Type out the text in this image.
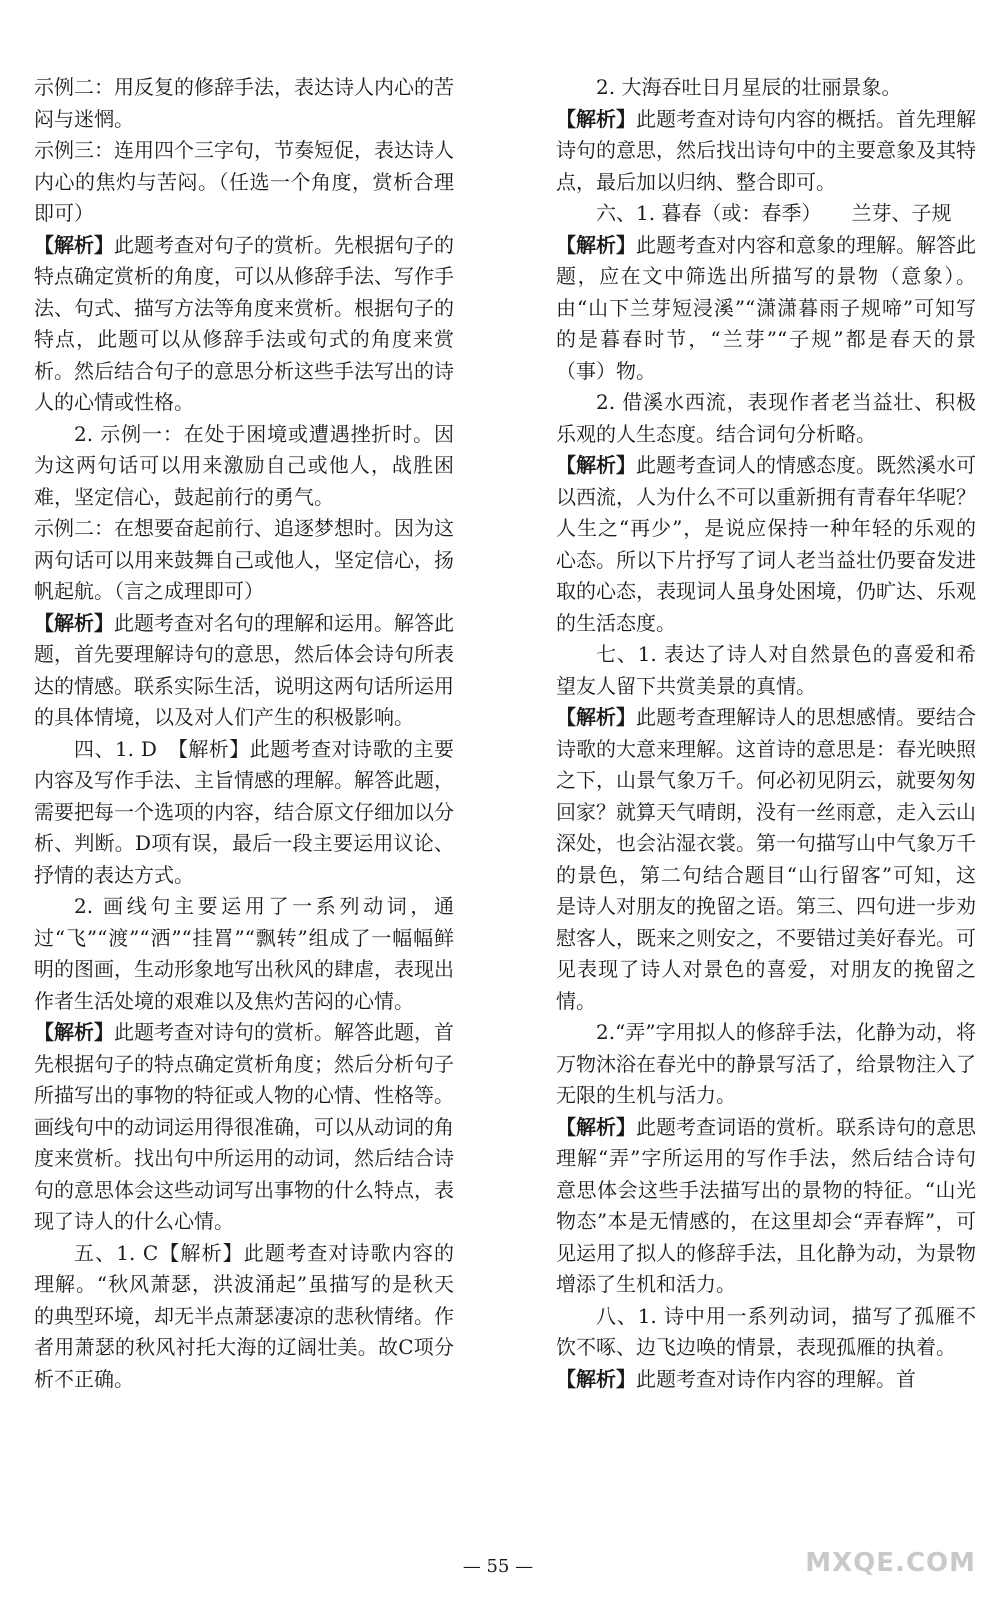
示例二：用反复的修辞手法，表达诗人内心的苦闷与迷惘。

示例三：连用四个三字句，节奏短促，表达诗人内心的焦灼与苦闷。（任选一个角度，赏析合理即可）

【解析】此题考查对句子的赏析。先根据句子的特点确定赏析的角度，可以从修辞手法、写作手法、句式、描写方法等角度来赏析。根据句子的特点，此题可以从修辞手法或句式的角度来赏析。然后结合句子的意思分析这些手法写出的诗人的心情或性格。

2. 示例一：在处于困境或遭遇挫折时。因为这两句话可以用来激励自己或他人，战胜困难，坚定信心，鼓起前行的勇气。

示例二：在想要奋起前行、追逐梦想时。因为这两句话可以用来鼓舞自己或他人，坚定信心，扬帆起航。（言之成理即可）

【解析】此题考查对名句的理解和运用。解答此题，首先要理解诗句的意思，然后体会诗句所表达的情感。联系实际生活，说明这两句话所运用的具体情境，以及对人们产生的积极影响。

四、1. D　【解析】此题考查对诗歌的主要内容及写作手法、主旨情感的理解。解答此题，需要把每一个选项的内容，结合原文仔细加以分析、判断。D项有误，最后一段主要运用议论、抒情的表达方式。

2. 画线句主要运用了一系列动词，通过“飞”“渡”“洒”“挂罥”“飘转”组成了一幅幅鲜明的图画，生动形象地写出秋风的肆虐，表现出作者生活处境的艰难以及焦灼苦闷的心情。

【解析】此题考查对诗句的赏析。解答此题，首先根据句子的特点确定赏析角度；然后分析句子所描写出的事物的特征或人物的心情、性格等。画线句中的动词运用得很准确，可以从动词的角度来赏析。找出句中所运用的动词，然后结合诗句的意思体会这些动词写出事物的什么特点，表现了诗人的什么心情。

五、1. C【解析】此题考查对诗歌内容的理解。“秋风萧瑟，洪波涌起”虽描写的是秋天的典型环境，却无半点萧瑟凄凉的悲秋情绪。作者用萧瑟的秋风衬托大海的辽阔壮美。故C项分析不正确。

2. 大海吞吐日月星辰的壮丽景象。

【解析】此题考查对诗句内容的概括。首先理解诗句的意思，然后找出诗句中的主要意象及其特点，最后加以归纳、整合即可。

六、1. 暮春（或：春季）　　兰芽、子规

【解析】此题考查对内容和意象的理解。解答此题，应在文中筛选出所描写的景物（意象）。由“山下兰芽短浸溪”“潇潇暮雨子规啼”可知写的是暮春时节，“兰芽”“子规”都是春天的景（事）物。

2. 借溪水西流，表现作者老当益壮、积极乐观的人生态度。结合词句分析略。

【解析】此题考查词人的情感态度。既然溪水可以西流，人为什么不可以重新拥有青春年华呢？人生之“再少”，是说应保持一种年轻的乐观的心态。所以下片抒写了词人老当益壮仍要奋发进取的心态，表现词人虽身处困境，仍旷达、乐观的生活态度。

七、1. 表达了诗人对自然景色的喜爱和希望友人留下共赏美景的真情。

【解析】此题考查理解诗人的思想感情。要结合诗歌的大意来理解。这首诗的意思是：春光映照之下，山景气象万千。何必初见阴云，就要匆匆回家？就算天气晴朗，没有一丝雨意，走入云山深处，也会沾湿衣裳。第一句描写山中气象万千的景色，第二句结合题目“山行留客”可知，这是诗人对朋友的挽留之语。第三、四句进一步劝慰客人，既来之则安之，不要错过美好春光。可见表现了诗人对景色的喜爱，对朋友的挽留之情。

2.“弄”字用拟人的修辞手法，化静为动，将万物沐浴在春光中的静景写活了，给景物注入了无限的生机与活力。

【解析】此题考查词语的赏析。联系诗句的意思理解“弄”字所运用的写作手法，然后结合诗句意思体会这些手法描写出的景物的特征。“山光物态”本是无情感的，在这里却会“弄春辉”，可见运用了拟人的修辞手法，且化静为动，为景物增添了生机和活力。

八、1. 诗中用一系列动词，描写了孤雁不饮不啄、边飞边唤的情景，表现孤雁的执着。

【解析】此题考查对诗作内容的理解。首

— 55 —	MXQE.COM
